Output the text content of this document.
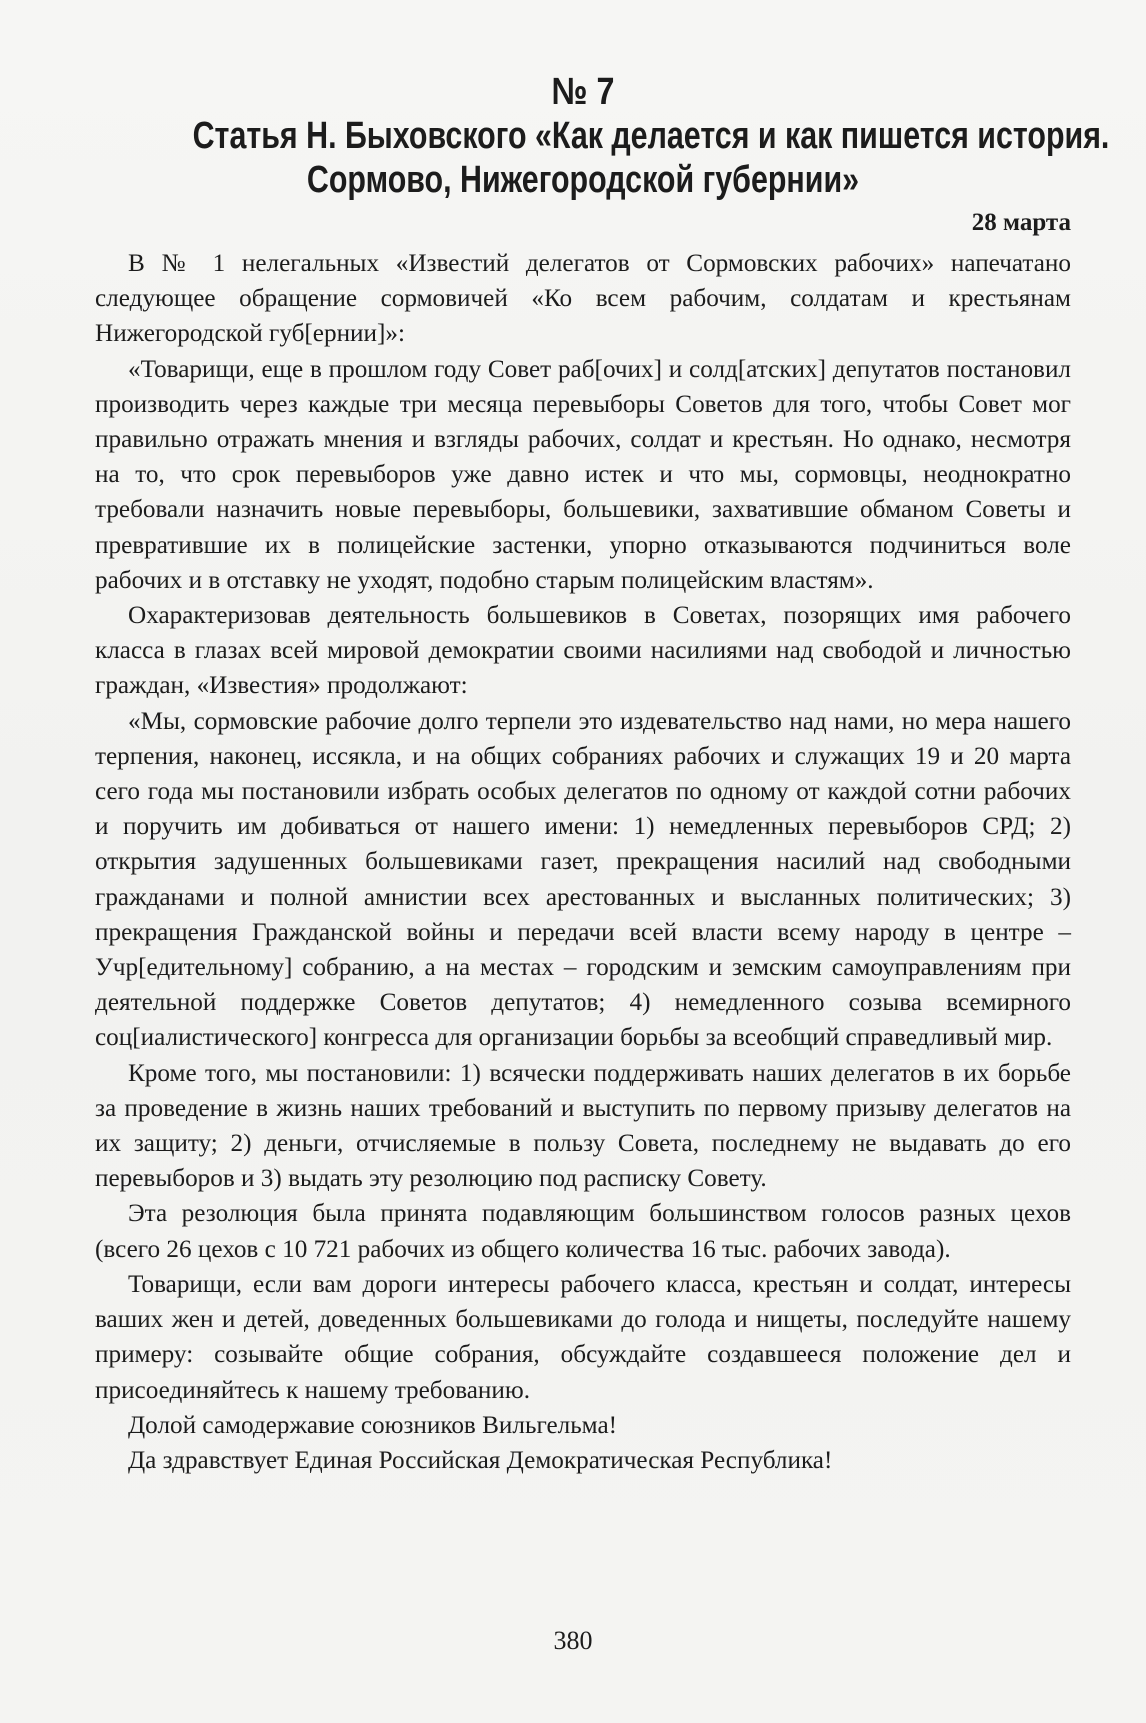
№ 7
Статья Н. Быховского «Как делается и как пишется история.
Сормово, Нижегородской губернии»
28 марта

В № 1 нелегальных «Известий делегатов от Сормовских рабочих» напечатано следующее обращение сормовичей «Ко всем рабочим, солдатам и крестьянам Нижегородской губ[ернии]»:

«Товарищи, еще в прошлом году Совет раб[очих] и солд[атских] депутатов постановил производить через каждые три месяца перевыборы Советов для того, чтобы Совет мог правильно отражать мнения и взгляды рабочих, солдат и крестьян. Но однако, несмотря на то, что срок перевыборов уже давно истек и что мы, сормовцы, неоднократно требовали назначить новые перевыборы, большевики, захватившие обманом Советы и превратившие их в полицейские застенки, упорно отказываются подчиниться воле рабочих и в отставку не уходят, подобно старым полицейским властям».

Охарактеризовав деятельность большевиков в Советах, позорящих имя рабочего класса в глазах всей мировой демократии своими насилиями над свободой и личностью граждан, «Известия» продолжают:

«Мы, сормовские рабочие долго терпели это издевательство над нами, но мера нашего терпения, наконец, иссякла, и на общих собраниях рабочих и служащих 19 и 20 марта сего года мы постановили избрать особых делегатов по одному от каждой сотни рабочих и поручить им добиваться от нашего имени: 1) немедленных перевыборов СРД; 2) открытия задушенных большевиками газет, прекращения насилий над свободными гражданами и полной амнистии всех арестованных и высланных политических; 3) прекращения Гражданской войны и передачи всей власти всему народу в центре – Учр[едительному] собранию, а на местах – городским и земским самоуправлениям при деятельной поддержке Советов депутатов; 4) немедленного созыва всемирного соц[иалистического] конгресса для организации борьбы за всеобщий справедливый мир.

Кроме того, мы постановили: 1) всячески поддерживать наших делегатов в их борьбе за проведение в жизнь наших требований и выступить по первому призыву делегатов на их защиту; 2) деньги, отчисляемые в пользу Совета, последнему не выдавать до его перевыборов и 3) выдать эту резолюцию под расписку Совету.

Эта резолюция была принята подавляющим большинством голосов разных цехов (всего 26 цехов с 10 721 рабочих из общего количества 16 тыс. рабочих завода).

Товарищи, если вам дороги интересы рабочего класса, крестьян и солдат, интересы ваших жен и детей, доведенных большевиками до голода и нищеты, последуйте нашему примеру: созывайте общие собрания, обсуждайте создавшееся положение дел и присоединяйтесь к нашему требованию.

Долой самодержавие союзников Вильгельма!

Да здравствует Единая Российская Демократическая Республика!

380
